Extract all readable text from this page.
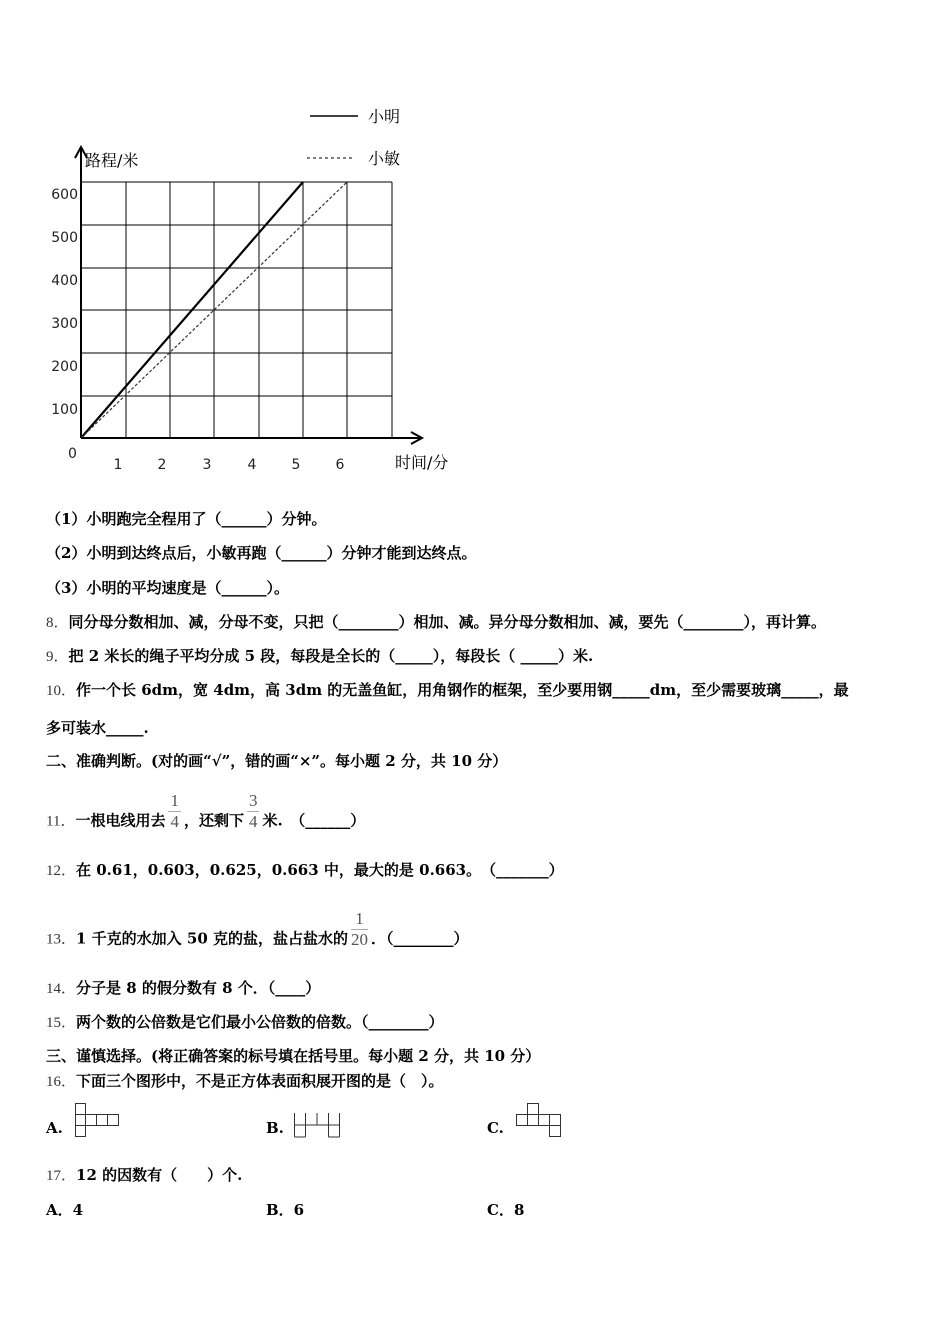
小明
小敏
路程/米
600
500
400
300
200
100
0
1	2	3	4	5	6	时间/分
（1）小明跑完全程用了（______）分钟。
（2）小明到达终点后，小敏再跑（______）分钟才能到达终点。
（3）小明的平均速度是（______）。
8．同分母分数相加、减，分母不变，只把（________）相加、减。异分母分数相加、减，要先（________），再计算。
9．把 2 米长的绳子平均分成 5 段，每段是全长的（_____），每段长（ _____）米.
10．作一个长 6dm，宽 4dm，高 3dm 的无盖鱼缸，用角钢作的框架，至少要用钢_____dm，至少需要玻璃_____，最
多可装水_____.
二、准确判断。(对的画“√”，错的画“×”。每小题 2 分，共 10 分）
11．一根电线用去 $\frac{1}{4}$ ，还剩下 $\frac{3}{4}$ 米.　（______）
12．在 0.61，0.603，0.625，0.663 中，最大的是 0.663。　（_______）
13．1 千克的水加入 50 克的盐，盐占盐水的 $\frac{1}{20}$ ．（________）
14．分子是 8 的假分数有 8 个．（____）
15．两个数的公倍数是它们最小公倍数的倍数。（________）
三、谨慎选择。(将正确答案的标号填在括号里。每小题 2 分，共 10 分）
16．下面三个图形中，不是正方体表面积展开图的是（　）。
A.	B.	C.
17．12 的因数有（　　）个.
A．4	B．6	C．8
